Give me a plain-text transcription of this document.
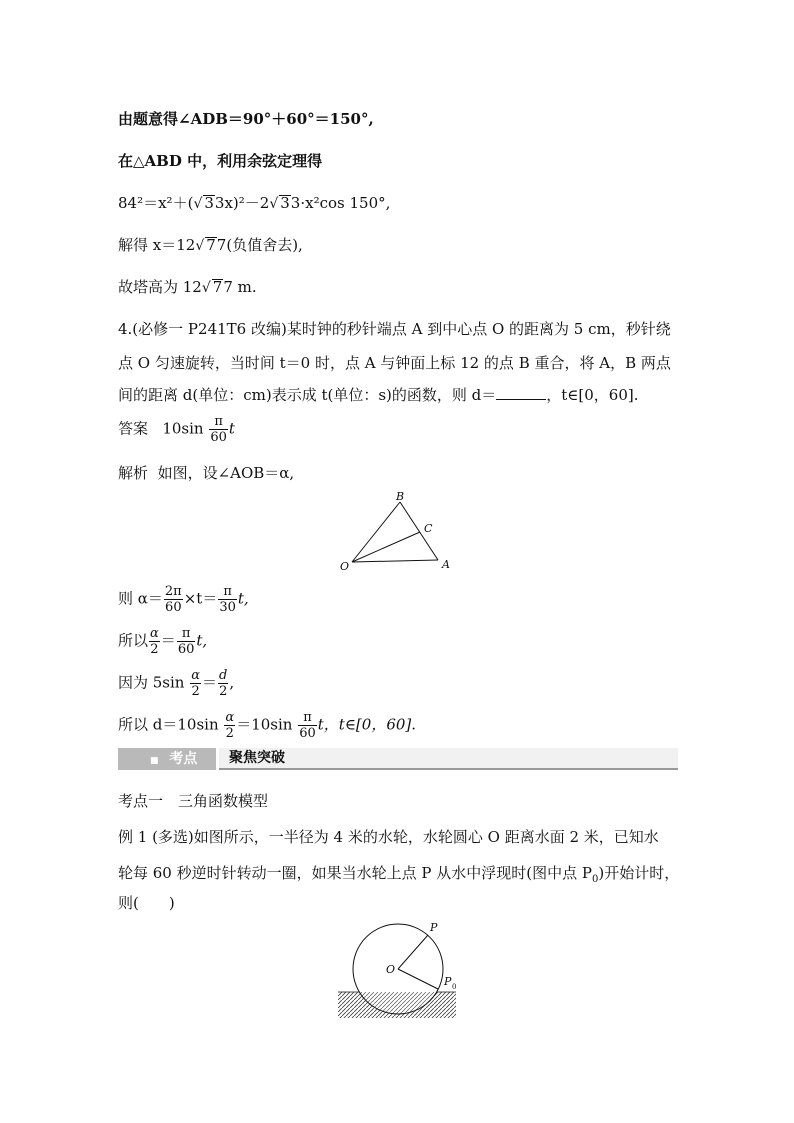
由题意得∠ADB＝90°＋60°＝150°,
在△ABD 中，利用余弦定理得
84²＝x²＋(√ 33x)²－2√ 33·x²cos 150°,
解得 x＝12√ 77(负值舍去),
故塔高为 12√ 77 m.
4.(必修一 P241T6 改编)某时钟的秒针端点 A 到中心点 O 的距离为 5 cm，秒针绕
点 O 匀速旋转，当时间 t＝0 时，点 A 与钟面上标 12 的点 B 重合，将 A，B 两点
间的距离 d(单位：cm)表示成 t(单位：s)的函数，则 d＝	，t∈[0，60].
答案 $10\sin \frac{\pi}{60}$ t
解析 如图，设∠AOB＝α,
B
C
O	A
则 $\alpha= \frac{2\pi}{60} \times t= \frac{\pi}{30} t$,
所以 $\frac{\alpha}{2} = \frac{\pi}{60} t$,
因为 $5\sin \frac{\alpha}{2} = \frac{d}{2}$ ,
所以 $d=10\sin \frac{\alpha}{2} =10\sin \frac{\pi}{60}$ t，t∈[0，60].
■ 考点	聚焦突破
考点一　三角函数模型
例 1 (多选)如图所示，一半径为 4 米的水轮，水轮圆心 O 距离水面 2 米，已知水
轮每 60 秒逆时针转动一圈，如果当水轮上点 P 从水中浮现时(图中点 $P_0$)开始计时，
则(　　)
P
O
P 0
